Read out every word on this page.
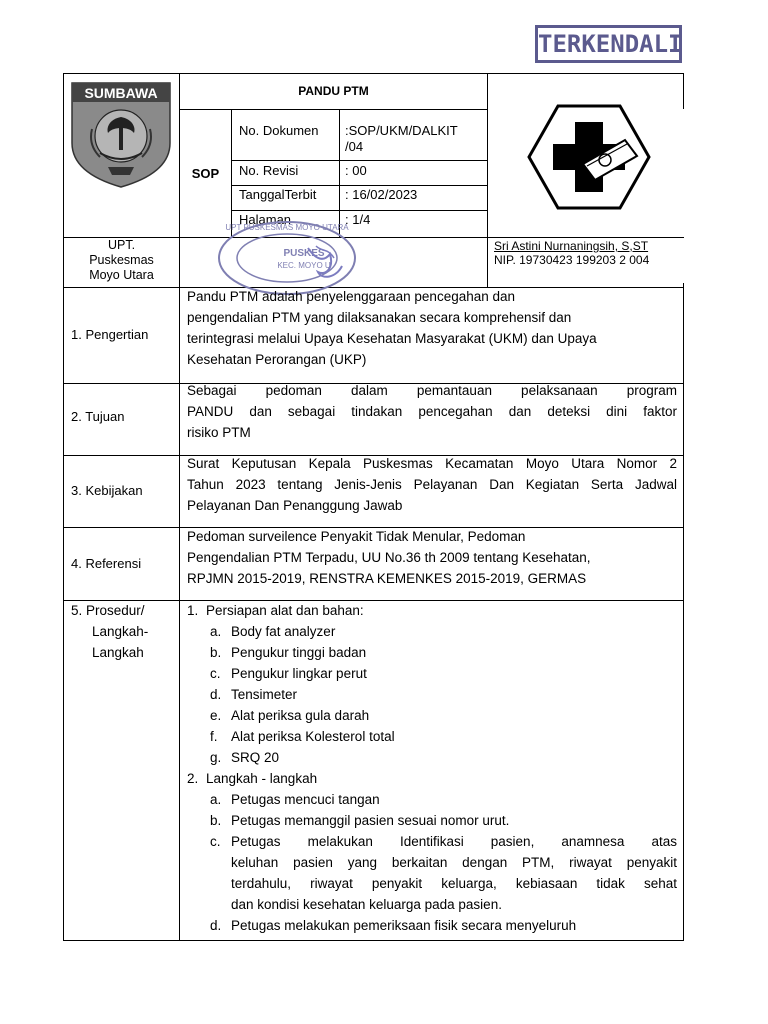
TERKENDALI
SUMBAWA	PANDU PTM
SOP
No. Dokumen :SOP/UKM/DALKIT
/04
No. Revisi	: 00
TanggalTerbit : 16/02/2023
Halaman	: 1/4
UPT.
Puskesmas
Moyo Utara
UPT PUSKESMAS MOYO UTARA
PUSKES
KEC. MOYO U
Sri Astini Nurnaningsih, S,ST
NIP. 19730423 199203 2 004
1. Pengertian
Pandu PTM adalah penyelenggaraan pencegahan dan
pengendalian PTM yang dilaksanakan secara komprehensif dan
terintegrasi melalui Upaya Kesehatan Masyarakat (UKM) dan Upaya
Kesehatan Perorangan (UKP)
2. Tujuan
Sebagai pedoman dalam pemantauan pelaksanaan program
PANDU dan sebagai tindakan pencegahan dan deteksi dini faktor
risiko PTM
3. Kebijakan
Surat Keputusan Kepala Puskesmas Kecamatan Moyo Utara Nomor 2
Tahun 2023 tentang Jenis-Jenis Pelayanan Dan Kegiatan Serta Jadwal
Pelayanan Dan Penanggung Jawab
4. Referensi
Pedoman surveilence Penyakit Tidak Menular, Pedoman
Pengendalian PTM Terpadu, UU No.36 th 2009 tentang Kesehatan,
RPJMN 2015-2019, RENSTRA KEMENKES 2015-2019, GERMAS
5. Prosedur/
Langkah-
Langkah
1. Persiapan alat dan bahan:
a. Body fat analyzer
b. Pengukur tinggi badan
c. Pengukur lingkar perut
d. Tensimeter
e. Alat periksa gula darah
f. Alat periksa Kolesterol total
g. SRQ 20
2. Langkah - langkah
a. Petugas mencuci tangan
b. Petugas memanggil pasien sesuai nomor urut.
c. Petugas melakukan Identifikasi pasien, anamnesa atas
keluhan pasien yang berkaitan dengan PTM, riwayat penyakit
terdahulu, riwayat penyakit keluarga, kebiasaan tidak sehat
dan kondisi kesehatan keluarga pada pasien.
d. Petugas melakukan pemeriksaan fisik secara menyeluruh
